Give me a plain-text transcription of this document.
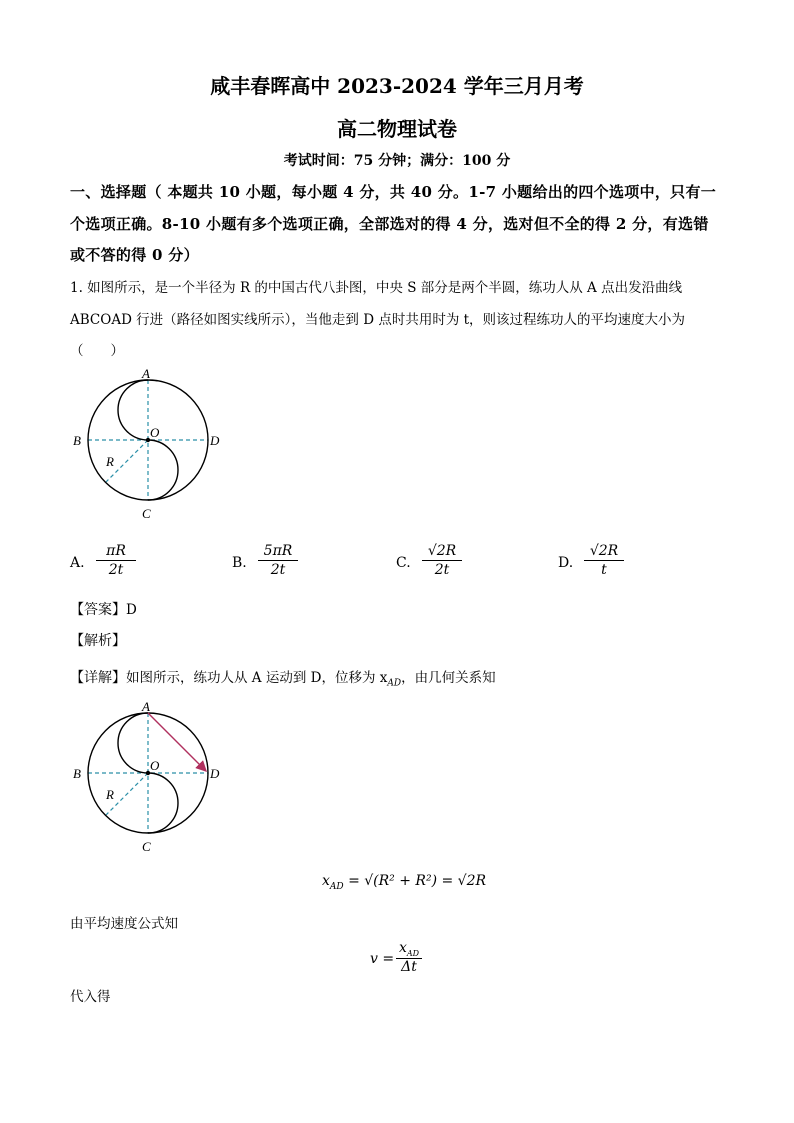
咸丰春晖高中 2023-2024 学年三月月考
高二物理试卷
考试时间：75 分钟；满分：100 分
一、选择题（ 本题共 10 小题，每小题 4 分，共 40 分。1-7 小题给出的四个选项中，只有一
个选项正确。8-10 小题有多个选项正确，全部选对的得 4 分，选对但不全的得 2 分，有选错
或不答的得 0 分）
1. 如图所示，是一个半径为 R 的中国古代八卦图，中央 S 部分是两个半圆，练功人从 A 点出发沿曲线
ABCOAD 行进（路径如图实线所示），当他走到 D 点时共用时为 t，则该过程练功人的平均速度大小为
（　　）
A
B	D
C
O
R
A. $\frac{\pi R}{2t}$	B. $\frac{5\pi R}{2t}$	C. $\frac{√2R}{2t}$	D. $\frac{√2R}{t}$
【答案】D
【解析】
【详解】如图所示，练功人从 A 运动到 D，位移为 $x_{AD}$，由几何关系知
A
B	D
C
O
R
$x_{AD} = √(R^2 + R^2) = √2R$
由平均速度公式知
v =
$x_{AD}$
Δt
代入得
